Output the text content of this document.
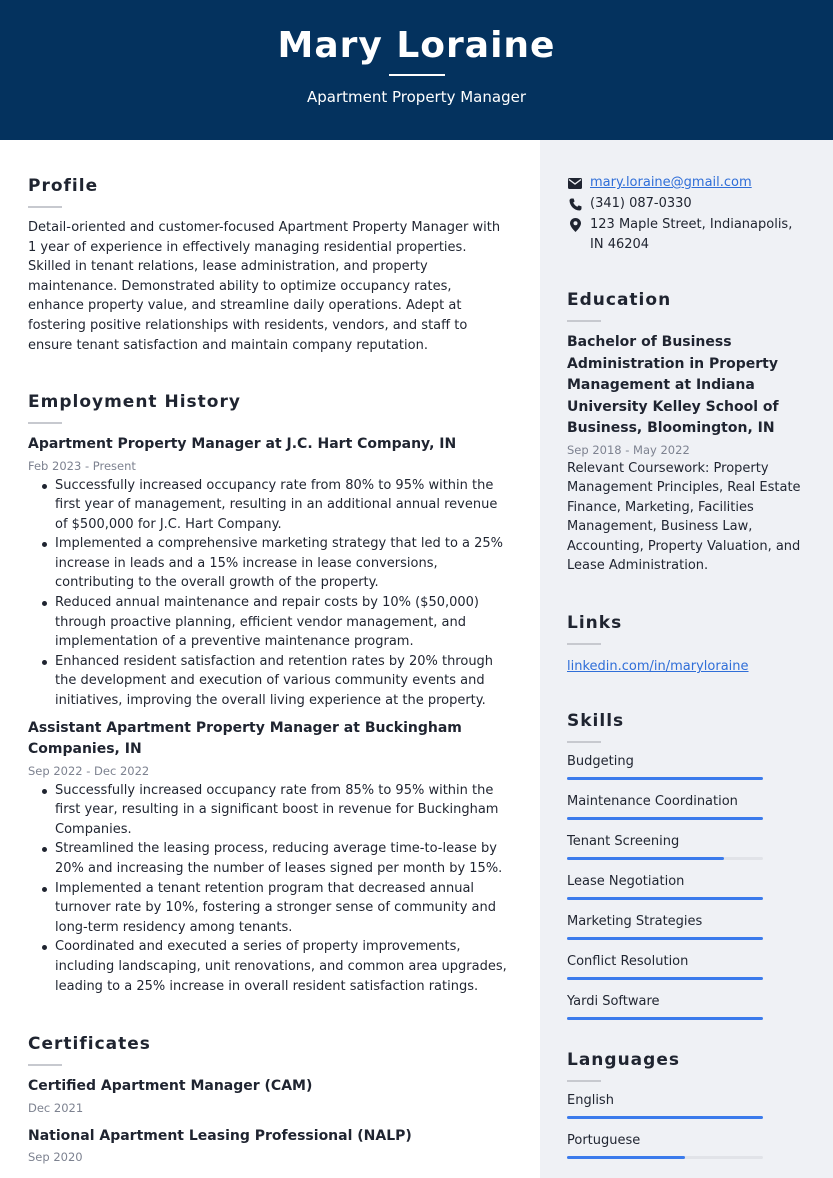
Mary Loraine
Apartment Property Manager
Profile
Detail-oriented and customer-focused Apartment Property Manager with 1 year of experience in effectively managing residential properties. Skilled in tenant relations, lease administration, and property maintenance. Demonstrated ability to optimize occupancy rates, enhance property value, and streamline daily operations. Adept at fostering positive relationships with residents, vendors, and staff to ensure tenant satisfaction and maintain company reputation.
Employment History
Apartment Property Manager at J.C. Hart Company, IN
Feb 2023 - Present
Successfully increased occupancy rate from 80% to 95% within the first year of management, resulting in an additional annual revenue of $500,000 for J.C. Hart Company.
Implemented a comprehensive marketing strategy that led to a 25% increase in leads and a 15% increase in lease conversions, contributing to the overall growth of the property.
Reduced annual maintenance and repair costs by 10% ($50,000) through proactive planning, efficient vendor management, and implementation of a preventive maintenance program.
Enhanced resident satisfaction and retention rates by 20% through the development and execution of various community events and initiatives, improving the overall living experience at the property.
Assistant Apartment Property Manager at Buckingham Companies, IN
Sep 2022 - Dec 2022
Successfully increased occupancy rate from 85% to 95% within the first year, resulting in a significant boost in revenue for Buckingham Companies.
Streamlined the leasing process, reducing average time-to-lease by 20% and increasing the number of leases signed per month by 15%.
Implemented a tenant retention program that decreased annual turnover rate by 10%, fostering a stronger sense of community and long-term residency among tenants.
Coordinated and executed a series of property improvements, including landscaping, unit renovations, and common area upgrades, leading to a 25% increase in overall resident satisfaction ratings.
Certificates
Certified Apartment Manager (CAM)
Dec 2021
National Apartment Leasing Professional (NALP)
Sep 2020
mary.loraine@gmail.com
(341) 087-0330
123 Maple Street, Indianapolis, IN 46204
Education
Bachelor of Business Administration in Property Management at Indiana University Kelley School of Business, Bloomington, IN
Sep 2018 - May 2022
Relevant Coursework: Property Management Principles, Real Estate Finance, Marketing, Facilities Management, Business Law, Accounting, Property Valuation, and Lease Administration.
Links
linkedin.com/in/maryloraine
Skills
Budgeting
Maintenance Coordination
Tenant Screening
Lease Negotiation
Marketing Strategies
Conflict Resolution
Yardi Software
Languages
English
Portuguese
